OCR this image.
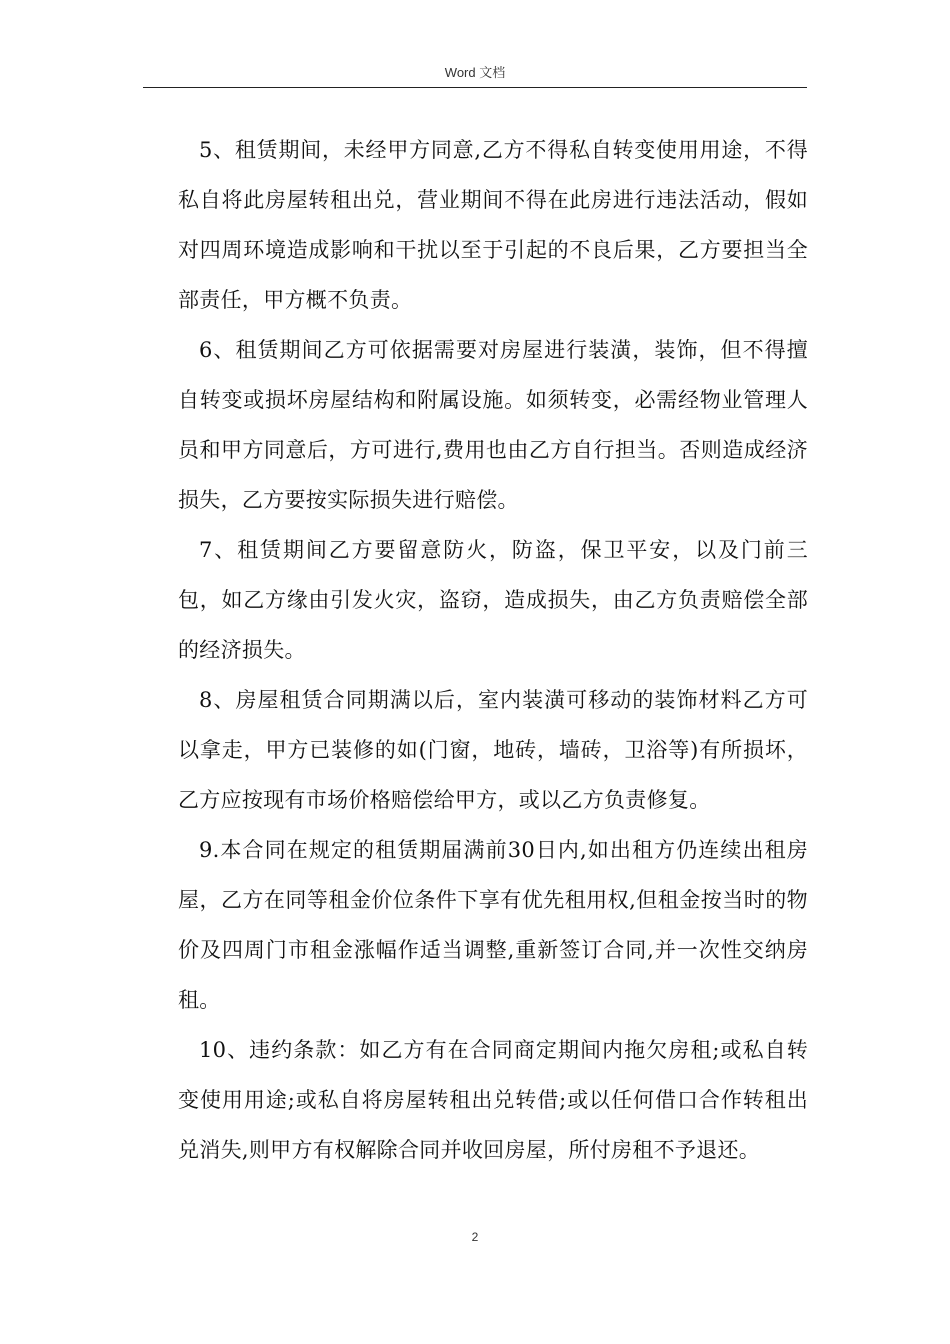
Word 文档

5、租赁期间，未经甲方同意,乙方不得私自转变使用用途，不得私自将此房屋转租出兑，营业期间不得在此房进行违法活动，假如对四周环境造成影响和干扰以至于引起的不良后果，乙方要担当全部责任，甲方概不负责。

6、租赁期间乙方可依据需要对房屋进行装潢，装饰，但不得擅自转变或损坏房屋结构和附属设施。如须转变，必需经物业管理人员和甲方同意后，方可进行,费用也由乙方自行担当。否则造成经济损失，乙方要按实际损失进行赔偿。

7、租赁期间乙方要留意防火，防盗，保卫平安，以及门前三包，如乙方缘由引发火灾，盗窃，造成损失，由乙方负责赔偿全部的经济损失。

8、房屋租赁合同期满以后，室内装潢可移动的装饰材料乙方可以拿走，甲方已装修的如(门窗，地砖，墙砖，卫浴等)有所损坏，乙方应按现有市场价格赔偿给甲方，或以乙方负责修复。

9.本合同在规定的租赁期届满前30日内,如出租方仍连续出租房屋，乙方在同等租金价位条件下享有优先租用权,但租金按当时的物价及四周门市租金涨幅作适当调整,重新签订合同,并一次性交纳房租。

10、违约条款：如乙方有在合同商定期间内拖欠房租;或私自转变使用用途;或私自将房屋转租出兑转借;或以任何借口合作转租出兑消失,则甲方有权解除合同并收回房屋，所付房租不予退还。

2
